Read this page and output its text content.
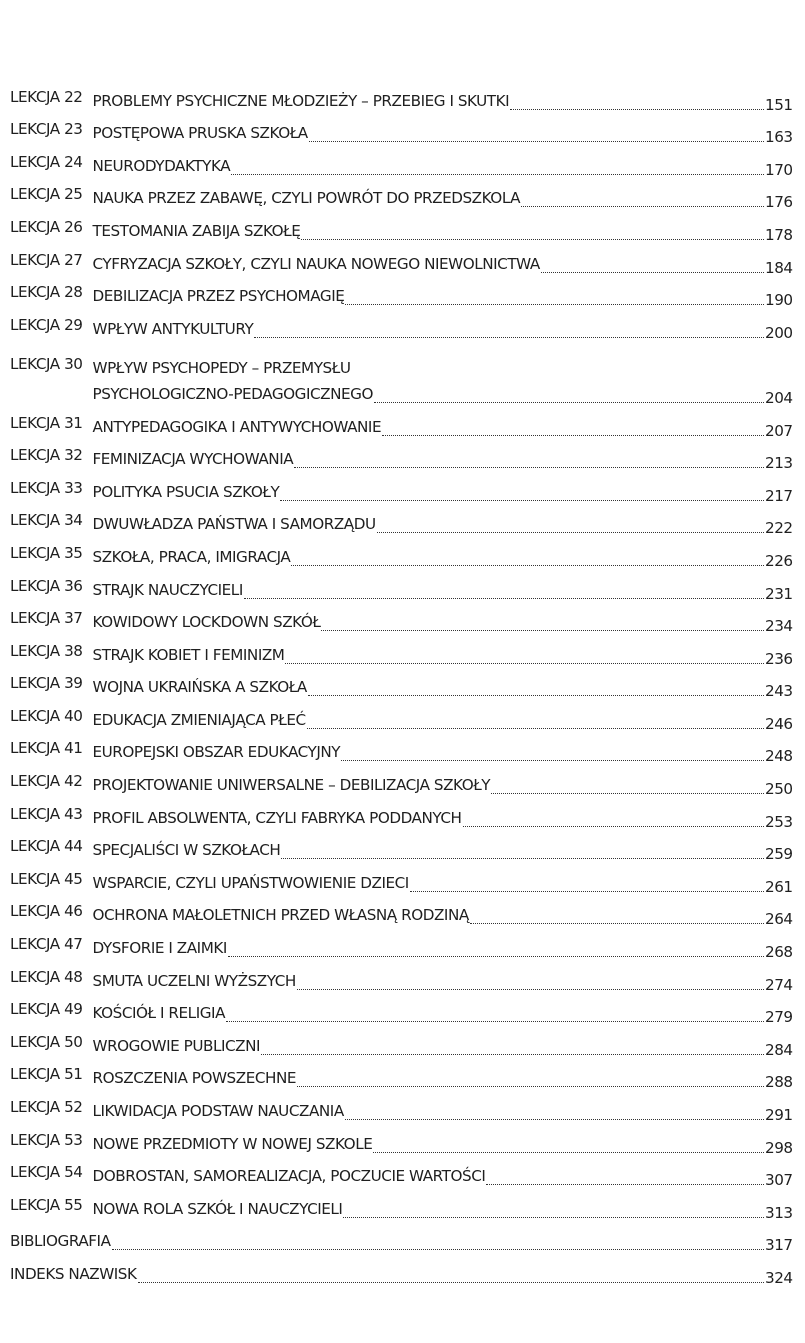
LEKCJA 22 PROBLEMY PSYCHICZNE MŁODZIEŻY – PRZEBIEG I SKUTKI	151
LEKCJA 23 POSTĘPOWA PRUSKA SZKOŁA	163
LEKCJA 24 NEURODYDAKTYKA	170
LEKCJA 25 NAUKA PRZEZ ZABAWĘ, CZYLI POWRÓT DO PRZEDSZKOLA	176
LEKCJA 26 TESTOMANIA ZABIJA SZKOŁĘ	178
LEKCJA 27 CYFRYZACJA SZKOŁY, CZYLI NAUKA NOWEGO NIEWOLNICTWA	184
LEKCJA 28 DEBILIZACJA PRZEZ PSYCHOMAGIĘ	190
LEKCJA 29 WPŁYW ANTYKULTURY	200
LEKCJA 30 WPŁYW PSYCHOPEDY – PRZEMYSŁU
PSYCHOLOGICZNO-PEDAGOGICZNEGO	204
LEKCJA 31 ANTYPEDAGOGIKA I ANTYWYCHOWANIE	207
LEKCJA 32 FEMINIZACJA WYCHOWANIA	213
LEKCJA 33 POLITYKA PSUCIA SZKOŁY	217
LEKCJA 34 DWUWŁADZA PAŃSTWA I SAMORZĄDU	222
LEKCJA 35 SZKOŁA, PRACA, IMIGRACJA	226
LEKCJA 36 STRAJK NAUCZYCIELI	231
LEKCJA 37 KOWIDOWY LOCKDOWN SZKÓŁ	234
LEKCJA 38 STRAJK KOBIET I FEMINIZM	236
LEKCJA 39 WOJNA UKRAIŃSKA A SZKOŁA	243
LEKCJA 40 EDUKACJA ZMIENIAJĄCA PŁEĆ	246
LEKCJA 41 EUROPEJSKI OBSZAR EDUKACYJNY	248
LEKCJA 42 PROJEKTOWANIE UNIWERSALNE – DEBILIZACJA SZKOŁY	250
LEKCJA 43 PROFIL ABSOLWENTA, CZYLI FABRYKA PODDANYCH	253
LEKCJA 44 SPECJALIŚCI W SZKOŁACH	259
LEKCJA 45 WSPARCIE, CZYLI UPAŃSTWOWIENIE DZIECI	261
LEKCJA 46 OCHRONA MAŁOLETNICH PRZED WŁASNĄ RODZINĄ	264
LEKCJA 47 DYSFORIE I ZAIMKI	268
LEKCJA 48 SMUTA UCZELNI WYŻSZYCH	274
LEKCJA 49 KOŚCIÓŁ I RELIGIA	279
LEKCJA 50 WROGOWIE PUBLICZNI	284
LEKCJA 51 ROSZCZENIA POWSZECHNE	288
LEKCJA 52 LIKWIDACJA PODSTAW NAUCZANIA	291
LEKCJA 53 NOWE PRZEDMIOTY W NOWEJ SZKOLE	298
LEKCJA 54 DOBROSTAN, SAMOREALIZACJA, POCZUCIE WARTOŚCI	307
LEKCJA 55 NOWA ROLA SZKÓŁ I NAUCZYCIELI	313
BIBLIOGRAFIA	317
INDEKS NAZWISK	324
